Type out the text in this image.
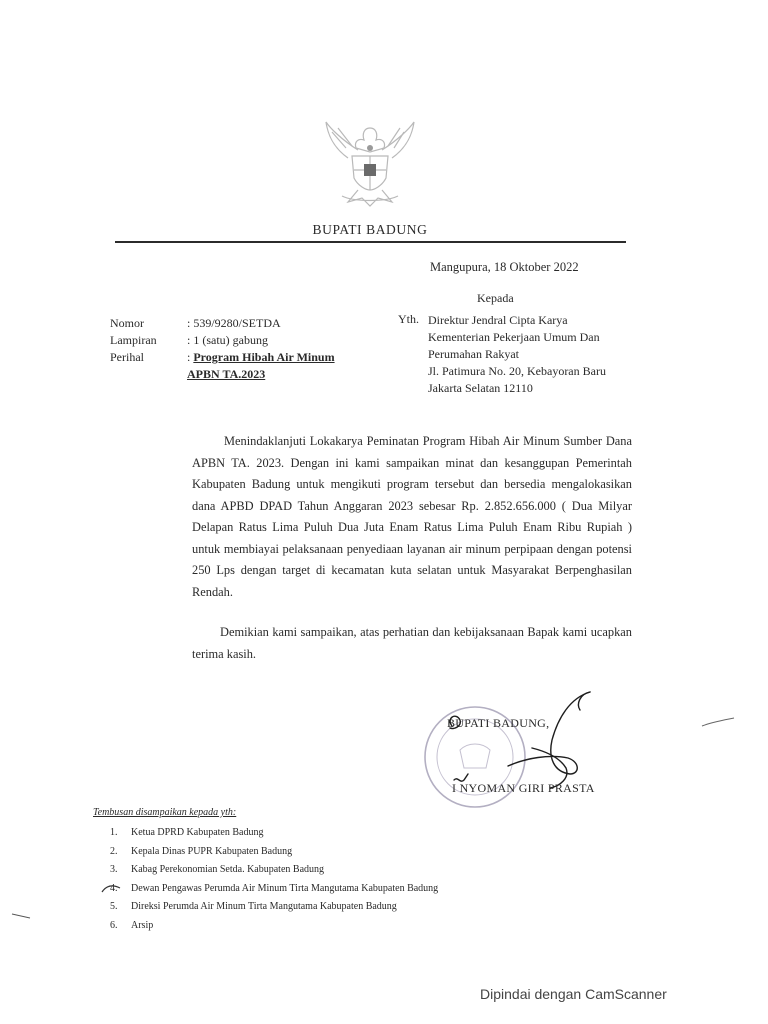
BUPATI BADUNG
Mangupura, 18 Oktober 2022
Kepada
Yth. Direktur Jendral Cipta Karya
Kementerian Pekerjaan Umum Dan
Perumahan Rakyat
Jl. Patimura No. 20, Kebayoran Baru
Jakarta Selatan 12110
Nomor	: 539/9280/SETDA
Lampiran	: 1 (satu) gabung
Perihal	: Program Hibah Air Minum
APBN TA.2023

Menindaklanjuti Lokakarya Peminatan Program Hibah Air Minum Sumber Dana APBN TA. 2023. Dengan ini kami sampaikan minat dan kesanggupan Pemerintah Kabupaten Badung untuk mengikuti program tersebut dan bersedia mengalokasikan dana APBD DPAD Tahun Anggaran 2023 sebesar Rp. 2.852.656.000 ( Dua Milyar Delapan Ratus Lima Puluh Dua Juta Enam Ratus Lima Puluh Enam Ribu Rupiah ) untuk membiayai pelaksanaan penyediaan layanan air minum perpipaan dengan potensi 250 Lps dengan target di kecamatan kuta selatan untuk Masyarakat Berpenghasilan Rendah.

Demikian kami sampaikan, atas perhatian dan kebijaksanaan Bapak kami ucapkan terima kasih.

BUPATI BADUNG,
I NYOMAN GIRI PRASTA
Tembusan disampaikan kepada yth:
1.	Ketua DPRD Kabupaten Badung
2.	Kepala Dinas PUPR Kabupaten Badung
3.	Kabag Perekonomian Setda. Kabupaten Badung
4.	Dewan Pengawas Perumda Air Minum Tirta Mangutama Kabupaten Badung
5.	Direksi Perumda Air Minum Tirta Mangutama Kabupaten Badung
6.	Arsip
Dipindai dengan CamScanner
